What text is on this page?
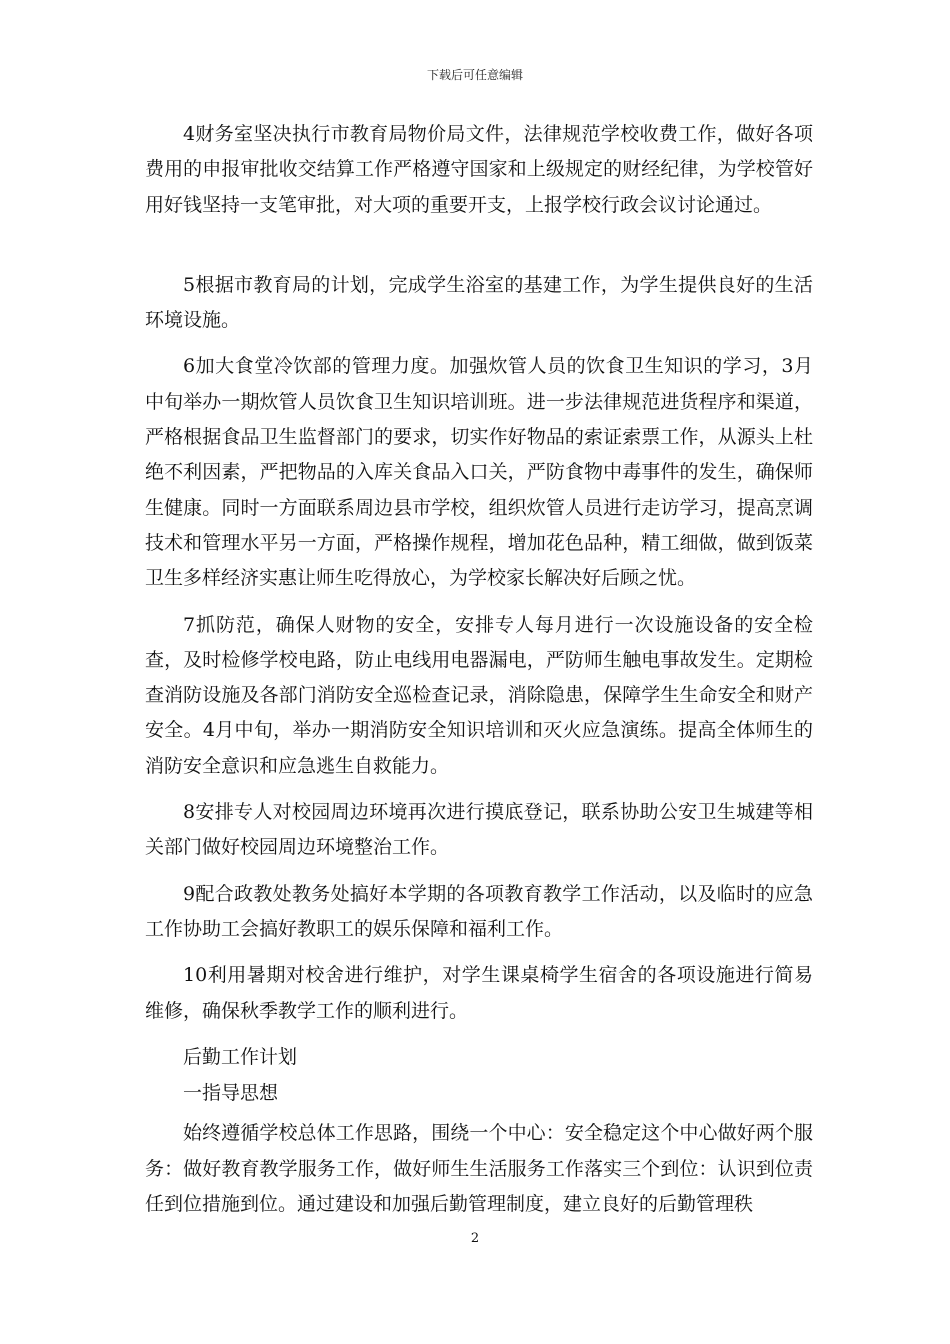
下载后可任意编辑

4财务室坚决执行市教育局物价局文件，法律规范学校收费工作，做好各项费用的申报审批收交结算工作严格遵守国家和上级规定的财经纪律，为学校管好用好钱坚持一支笔审批，对大项的重要开支，上报学校行政会议讨论通过。

5根据市教育局的计划，完成学生浴室的基建工作，为学生提供良好的生活环境设施。

6加大食堂冷饮部的管理力度。加强炊管人员的饮食卫生知识的学习，3月中旬举办一期炊管人员饮食卫生知识培训班。进一步法律规范进货程序和渠道，严格根据食品卫生监督部门的要求，切实作好物品的索证索票工作，从源头上杜绝不利因素，严把物品的入库关食品入口关，严防食物中毒事件的发生，确保师生健康。同时一方面联系周边县市学校，组织炊管人员进行走访学习，提高烹调技术和管理水平另一方面，严格操作规程，增加花色品种，精工细做，做到饭菜卫生多样经济实惠让师生吃得放心，为学校家长解决好后顾之忧。

7抓防范，确保人财物的安全，安排专人每月进行一次设施设备的安全检查，及时检修学校电路，防止电线用电器漏电，严防师生触电事故发生。定期检查消防设施及各部门消防安全巡检查记录，消除隐患，保障学生生命安全和财产安全。4月中旬，举办一期消防安全知识培训和灭火应急演练。提高全体师生的消防安全意识和应急逃生自救能力。

8安排专人对校园周边环境再次进行摸底登记，联系协助公安卫生城建等相关部门做好校园周边环境整治工作。

9配合政教处教务处搞好本学期的各项教育教学工作活动，以及临时的应急工作协助工会搞好教职工的娱乐保障和福利工作。

10利用暑期对校舍进行维护，对学生课桌椅学生宿舍的各项设施进行简易维修，确保秋季教学工作的顺利进行。

后勤工作计划

一指导思想

始终遵循学校总体工作思路，围绕一个中心：安全稳定这个中心做好两个服务：做好教育教学服务工作，做好师生生活服务工作落实三个到位：认识到位责任到位措施到位。通过建设和加强后勤管理制度，建立良好的后勤管理秩

2
